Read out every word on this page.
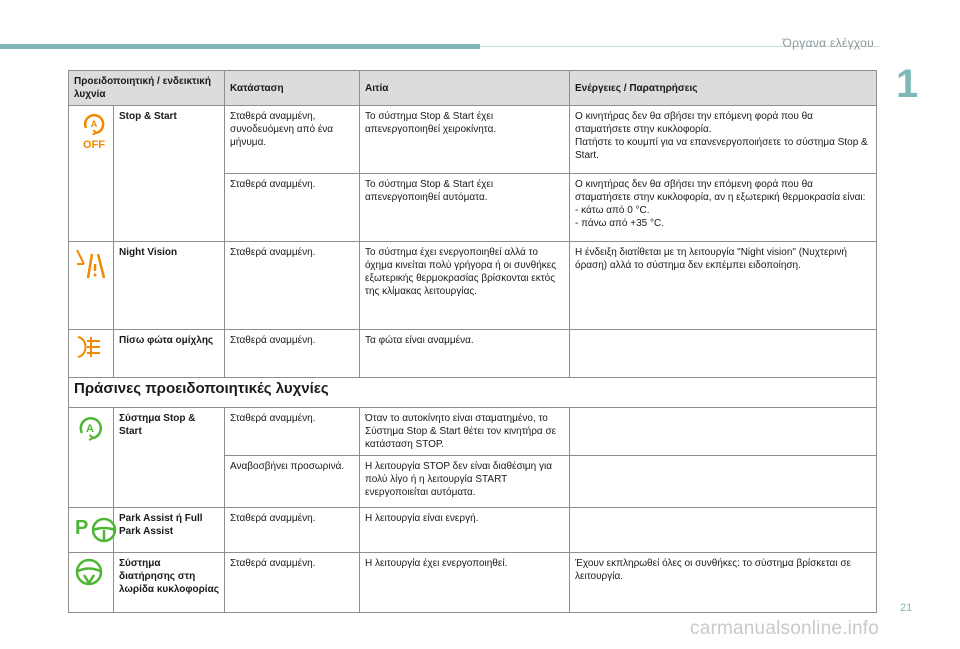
Όργανα ελέγχου
1
Προειδοποιητική / ενδεικτική λυχνία		Κατάσταση	Αιτία	Ενέργειες / Παρατηρήσεις

A
OFF	Stop & Start	Σταθερά αναμμένη, συνοδευόμενη από ένα μήνυμα.	Το σύστημα Stop & Start έχει απενεργοποιηθεί χειροκίνητα.	Ο κινητήρας δεν θα σβήσει την επόμενη φορά που θα σταματήσετε στην κυκλοφορία.
Πατήστε το κουμπί για να επανενεργοποιήσετε το σύστημα Stop & Start.
		Σταθερά αναμμένη.	Το σύστημα Stop & Start έχει απενεργοποιηθεί αυτόματα.	Ο κινητήρας δεν θα σβήσει την επόμενη φορά που θα σταματήσετε στην κυκλοφορία, αν η εξωτερική θερμοκρασία είναι:
- κάτω από 0 °C.
- πάνω από +35 °C.
	Night Vision	Σταθερά αναμμένη.	Το σύστημα έχει ενεργοποιηθεί αλλά το όχημα κινείται πολύ γρήγορα ή οι συνθήκες εξωτερικής θερμοκρασίας βρίσκονται εκτός της κλίμακας λειτουργίας.	Η ένδειξη διατίθεται με τη λειτουργία "Night vision" (Νυχτερινή όραση) αλλά το σύστημα δεν εκπέμπει ειδοποίηση.
	Πίσω φώτα ομίχλης	Σταθερά αναμμένη.	Τα φώτα είναι αναμμένα.	
Πράσινες προειδοποιητικές λυχνίες				

A	Σύστημα Stop & Start	Σταθερά αναμμένη.	Όταν το αυτοκίνητο είναι σταματημένο, το Σύστημα Stop & Start θέτει τον κινητήρα σε κατάσταση STOP.	
		Αναβοσβήνει προσωρινά.	Η λειτουργία STOP δεν είναι διαθέσιμη για πολύ λίγο ή η λειτουργία START ενεργοποιείται αυτόματα.	

P	Park Assist ή Full Park Assist	Σταθερά αναμμένη.	Η λειτουργία είναι ενεργή.	
	Σύστημα διατήρησης στη λωρίδα κυκλοφορίας	Σταθερά αναμμένη.	Η λειτουργία έχει ενεργοποιηθεί.	Έχουν εκπληρωθεί όλες οι συνθήκες: το σύστημα βρίσκεται σε λειτουργία.
21
carmanualsonline.info
